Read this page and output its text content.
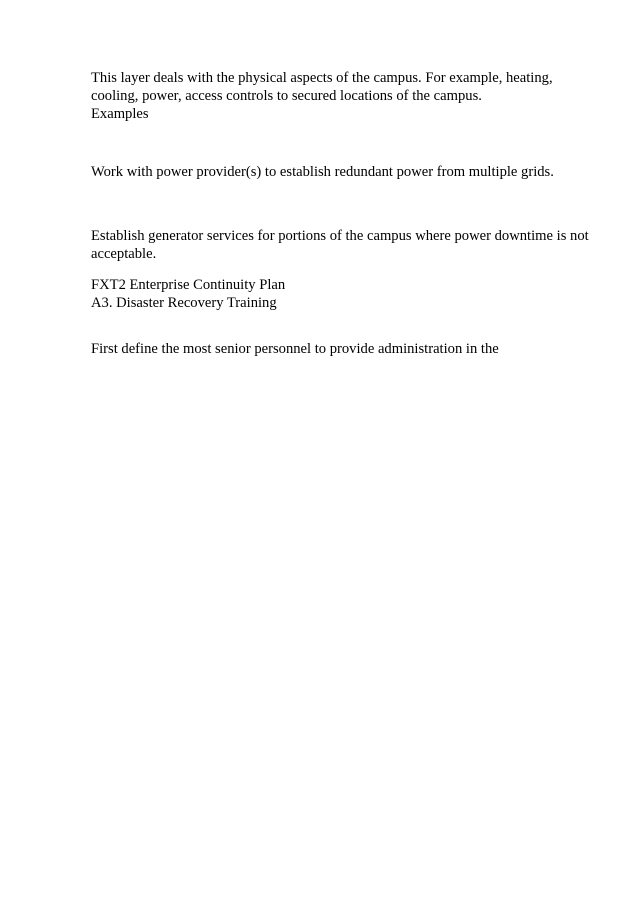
This layer deals with the physical aspects of the campus. For example, heating,
cooling, power, access controls to secured locations of the campus.
Examples

Work with power provider(s) to establish redundant power from multiple grids.

Establish generator services for portions of the campus where power downtime is not
acceptable.

FXT2 Enterprise Continuity Plan
A3. Disaster Recovery Training

First define the most senior personnel to provide administration in the
